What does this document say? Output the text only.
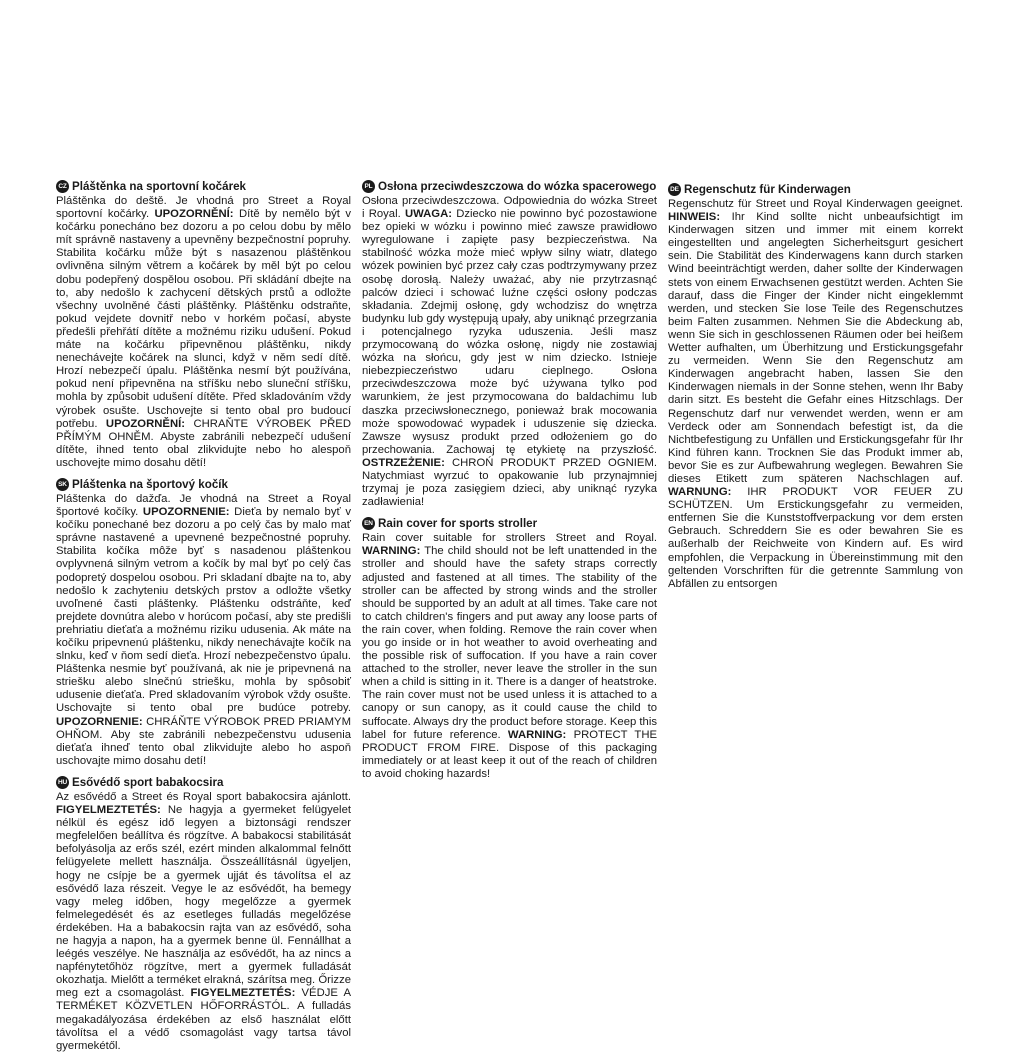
CZ Pláštěnka na sportovní kočárek

Pláštěnka do deště. Je vhodná pro Street a Royal sportovní kočárky. UPOZORNĚNÍ: Dítě by nemělo být v kočárku ponecháno bez dozoru a po celou dobu by mělo mít správně nastaveny a upevněny bezpečnostní popruhy. Stabilita kočárku může být s nasazenou pláštěnkou ovlivněna silným větrem a kočárek by měl být po celou dobu podepřený dospělou osobou. Při skládání dbejte na to, aby nedošlo k zachycení dětských prstů a odložte všechny uvolněné části pláštěnky. Pláštěnku odstraňte, pokud vejdete dovnitř nebo v horkém počasí, abyste předešli přehřátí dítěte a možnému riziku udušení. Pokud máte na kočárku připevněnou pláštěnku, nikdy nenechávejte kočárek na slunci, když v něm sedí dítě. Hrozí nebezpečí úpalu. Pláštěnka nesmí být používána, pokud není připevněna na stříšku nebo sluneční stříšku, mohla by způsobit udušení dítěte. Před skladováním vždy výrobek osušte. Uschovejte si tento obal pro budoucí potřebu. UPOZORNĚNÍ: CHRAŇTE VÝROBEK PŘED PŘÍMÝM OHNĚM. Abyste zabránili nebezpečí udušení dítěte, ihned tento obal zlikvidujte nebo ho alespoň uschovejte mimo dosahu dětí!

SK Pláštenka na športový kočík

Pláštenka do dažďa. Je vhodná na Street a Royal športové kočíky. UPOZORNENIE: Dieťa by nemalo byť v kočíku ponechané bez dozoru a po celý čas by malo mať správne nastavené a upevnené bezpečnostné popruhy. Stabilita kočíka môže byť s nasadenou pláštenkou ovplyvnená silným vetrom a kočík by mal byť po celý čas podopretý dospelou osobou. Pri skladaní dbajte na to, aby nedošlo k zachyteniu detských prstov a odložte všetky uvoľnené časti pláštenky. Pláštenku odstráňte, keď prejdete dovnútra alebo v horúcom počasí, aby ste predišli prehriatiu dieťaťa a možnému riziku udusenia. Ak máte na kočíku pripevnenú pláštenku, nikdy nenechávajte kočík na slnku, keď v ňom sedí dieťa. Hrozí nebezpečenstvo úpalu. Pláštenka nesmie byť používaná, ak nie je pripevnená na striešku alebo slnečnú striešku, mohla by spôsobiť udusenie dieťaťa. Pred skladovaním výrobok vždy osušte. Uschovajte si tento obal pre budúce potreby. UPOZORNENIE: CHRÁŇTE VÝROBOK PRED PRIAMYM OHŇOM. Aby ste zabránili nebezpečenstvu udusenia dieťaťa ihneď tento obal zlikvidujte alebo ho aspoň uschovajte mimo dosahu detí!

HU Esővédő sport babakocsira

Az esővédő a Street és Royal sport babakocsira ajánlott. FIGYELMEZTETÉS: Ne hagyja a gyermeket felügyelet nélkül és egész idő legyen a biztonsági rendszer megfelelően beállítva és rögzítve. A babakocsi stabilitását befolyásolja az erős szél, ezért minden alkalommal felnőtt felügyelete mellett használja. Összeállításnál ügyeljen, hogy ne csípje be a gyermek ujját és távolítsa el az esővédő laza részeit. Vegye le az esővédőt, ha bemegy vagy meleg időben, hogy megelőzze a gyermek felmelegedését és az esetleges fulladás megelőzése érdekében. Ha a babakocsin rajta van az esővédő, soha ne hagyja a napon, ha a gyermek benne ül. Fennállhat a leégés veszélye. Ne használja az esővédőt, ha az nincs a napfénytetőhöz rögzítve, mert a gyermek fulladását okozhatja. Mielőtt a terméket elrakná, szárítsa meg. Őrizze meg ezt a csomagolást. FIGYELMEZTETÉS: VÉDJE A TERMÉKET KÖZVETLEN HŐFORRÁSTÓL. A fulladás megakadályozása érdekében az első használat előtt távolítsa el a védő csomagolást vagy tartsa távol gyermekétől.

PL Osłona przeciwdeszczowa do wózka spacerowego

Osłona przeciwdeszczowa. Odpowiednia do wózka Street i Royal. UWAGA: Dziecko nie powinno być pozostawione bez opieki w wózku i powinno mieć zawsze prawidłowo wyregulowane i zapięte pasy bezpieczeństwa. Na stabilność wózka może mieć wpływ silny wiatr, dlatego wózek powinien być przez cały czas podtrzymywany przez osobę dorosłą. Należy uważać, aby nie przytrzasnąć palców dzieci i schować luźne części osłony podczas składania. Zdejmij osłonę, gdy wchodzisz do wnętrza budynku lub gdy występują upały, aby uniknąć przegrzania i potencjalnego ryzyka uduszenia. Jeśli masz przymocowaną do wózka osłonę, nigdy nie zostawiaj wózka na słońcu, gdy jest w nim dziecko. Istnieje niebezpieczeństwo udaru cieplnego. Osłona przeciwdeszczowa może być używana tylko pod warunkiem, że jest przymocowana do baldachimu lub daszka przeciwsłonecznego, ponieważ brak mocowania może spowodować wypadek i uduszenie się dziecka. Zawsze wysusz produkt przed odłożeniem go do przechowania. Zachowaj tę etykietę na przyszłość. OSTRZEŻENIE: CHROŃ PRODUKT PRZED OGNIEM. Natychmiast wyrzuć to opakowanie lub przynajmniej trzymaj je poza zasięgiem dzieci, aby uniknąć ryzyka zadławienia!

EN Rain cover for sports stroller

Rain cover suitable for strollers Street and Royal. WARNING: The child should not be left unattended in the stroller and should have the safety straps correctly adjusted and fastened at all times. The stability of the stroller can be affected by strong winds and the stroller should be supported by an adult at all times. Take care not to catch children's fingers and put away any loose parts of the rain cover, when folding. Remove the rain cover when you go inside or in hot weather to avoid overheating and the possible risk of suffocation. If you have a rain cover attached to the stroller, never leave the stroller in the sun when a child is sitting in it. There is a danger of heatstroke. The rain cover must not be used unless it is attached to a canopy or sun canopy, as it could cause the child to suffocate. Always dry the product before storage. Keep this label for future reference. WARNING: PROTECT THE PRODUCT FROM FIRE. Dispose of this packaging immediately or at least keep it out of the reach of children to avoid choking hazards!

DE Regenschutz für Kinderwagen

Regenschutz für Street und Royal Kinderwagen geeignet. HINWEIS: Ihr Kind sollte nicht unbeaufsichtigt im Kinderwagen sitzen und immer mit einem korrekt eingestellten und angelegten Sicherheitsgurt gesichert sein. Die Stabilität des Kinderwagens kann durch starken Wind beeinträchtigt werden, daher sollte der Kinderwagen stets von einem Erwachsenen gestützt werden. Achten Sie darauf, dass die Finger der Kinder nicht eingeklemmt werden, und stecken Sie lose Teile des Regenschutzes beim Falten zusammen. Nehmen Sie die Abdeckung ab, wenn Sie sich in geschlossenen Räumen oder bei heißem Wetter aufhalten, um Überhitzung und Erstickungsgefahr zu vermeiden. Wenn Sie den Regenschutz am Kinderwagen angebracht haben, lassen Sie den Kinderwagen niemals in der Sonne stehen, wenn Ihr Baby darin sitzt. Es besteht die Gefahr eines Hitzschlags. Der Regenschutz darf nur verwendet werden, wenn er am Verdeck oder am Sonnendach befestigt ist, da die Nichtbefestigung zu Unfällen und Erstickungsgefahr für Ihr Kind führen kann. Trocknen Sie das Produkt immer ab, bevor Sie es zur Aufbewahrung weglegen. Bewahren Sie dieses Etikett zum späteren Nachschlagen auf. WARNUNG: IHR PRODUKT VOR FEUER ZU SCHÜTZEN. Um Erstickungsgefahr zu vermeiden, entfernen Sie die Kunststoffverpackung vor dem ersten Gebrauch. Schreddern Sie es oder bewahren Sie es außerhalb der Reichweite von Kindern auf. Es wird empfohlen, die Verpackung in Übereinstimmung mit den geltenden Vorschriften für die getrennte Sammlung von Abfällen zu entsorgen
